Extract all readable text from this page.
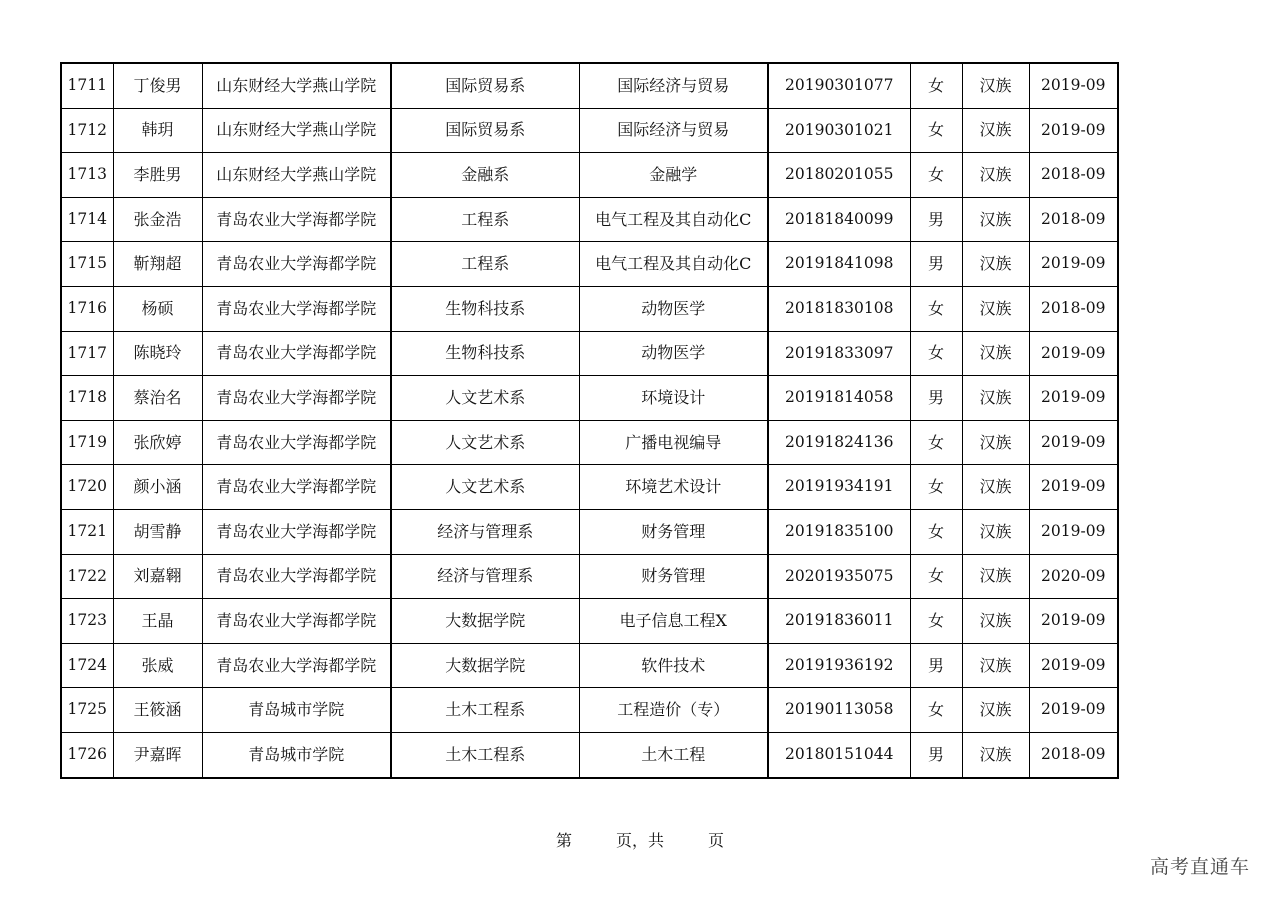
1711	丁俊男	山东财经大学燕山学院	国际贸易系	国际经济与贸易	20190301077	女	汉族	2019-09
1712	韩玥	山东财经大学燕山学院	国际贸易系	国际经济与贸易	20190301021	女	汉族	2019-09
1713	李胜男	山东财经大学燕山学院	金融系	金融学	20180201055	女	汉族	2018-09
1714	张金浩	青岛农业大学海都学院	工程系	电气工程及其自动化C	20181840099	男	汉族	2018-09
1715	靳翔超	青岛农业大学海都学院	工程系	电气工程及其自动化C	20191841098	男	汉族	2019-09
1716	杨硕	青岛农业大学海都学院	生物科技系	动物医学	20181830108	女	汉族	2018-09
1717	陈晓玲	青岛农业大学海都学院	生物科技系	动物医学	20191833097	女	汉族	2019-09
1718	蔡治名	青岛农业大学海都学院	人文艺术系	环境设计	20191814058	男	汉族	2019-09
1719	张欣婷	青岛农业大学海都学院	人文艺术系	广播电视编导	20191824136	女	汉族	2019-09
1720	颜小涵	青岛农业大学海都学院	人文艺术系	环境艺术设计	20191934191	女	汉族	2019-09
1721	胡雪静	青岛农业大学海都学院	经济与管理系	财务管理	20191835100	女	汉族	2019-09
1722	刘嘉翱	青岛农业大学海都学院	经济与管理系	财务管理	20201935075	女	汉族	2020-09
1723	王晶	青岛农业大学海都学院	大数据学院	电子信息工程X	20191836011	女	汉族	2019-09
1724	张威	青岛农业大学海都学院	大数据学院	软件技术	20191936192	男	汉族	2019-09
1725	王筱涵	青岛城市学院	土木工程系	工程造价（专）	20190113058	女	汉族	2019-09
1726	尹嘉晖	青岛城市学院	土木工程系	土木工程	20180151044	男	汉族	2018-09
第	页，共	页
高考直通车
